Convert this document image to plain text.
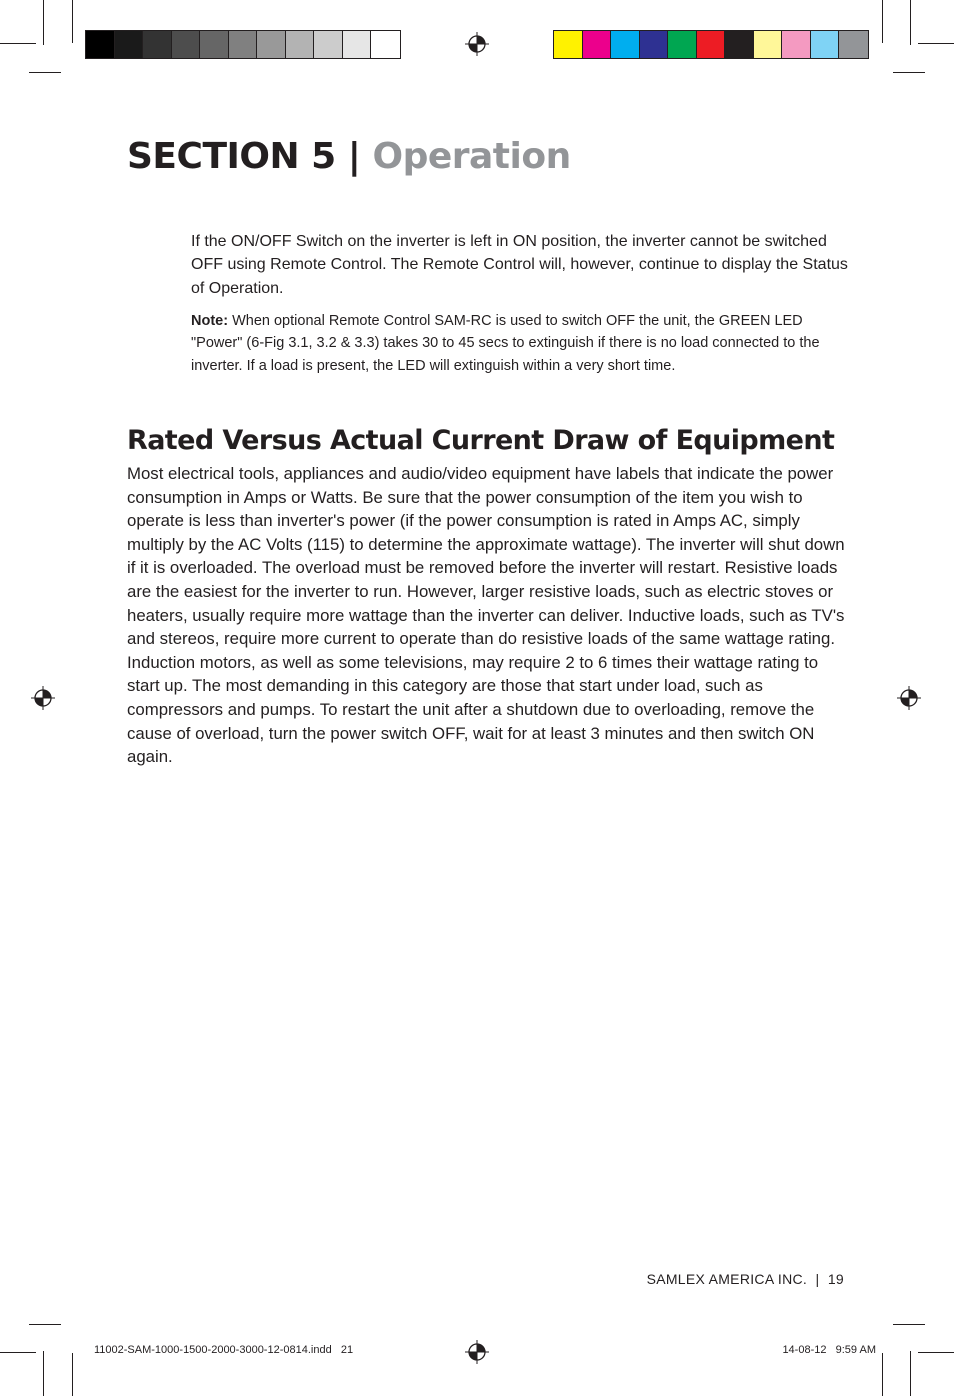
SECTION 5 | Operation

If the ON/OFF Switch on the inverter is left in ON position, the inverter cannot be switched OFF using Remote Control. The Remote Control will, however, continue to display the Status of Operation.

Note: When optional Remote Control SAM-RC is used to switch OFF the unit, the GREEN LED "Power" (6-Fig 3.1, 3.2 & 3.3) takes 30 to 45 secs to extinguish if there is no load connected to the inverter. If a load is present, the LED will extinguish within a very short time.

Rated Versus Actual Current Draw of Equipment

Most electrical tools, appliances and audio/video equipment have labels that indicate the power consumption in Amps or Watts. Be sure that the power consumption of the item you wish to operate is less than inverter's power (if the power consumption is rated in Amps AC, simply multiply by the AC Volts (115) to determine the approximate wattage). The inverter will shut down if it is overloaded. The overload must be removed before the inverter will restart. Resistive loads are the easiest for the inverter to run. However, larger resistive loads, such as electric stoves or heaters, usually require more wattage than the inverter can deliver. Inductive loads, such as TV's and stereos, require more current to operate than do resistive loads of the same wattage rating. Induction motors, as well as some televisions, may require 2 to 6 times their wattage rating to start up. The most demanding in this category are those that start under load, such as compressors and pumps. To restart the unit after a shutdown due to overloading, remove the cause of overload, turn the power switch OFF, wait for at least 3 minutes and then switch ON again.

SAMLEX AMERICA INC. | 19
11002-SAM-1000-1500-2000-3000-12-0814.indd   21	14-08-12   9:59 AM
